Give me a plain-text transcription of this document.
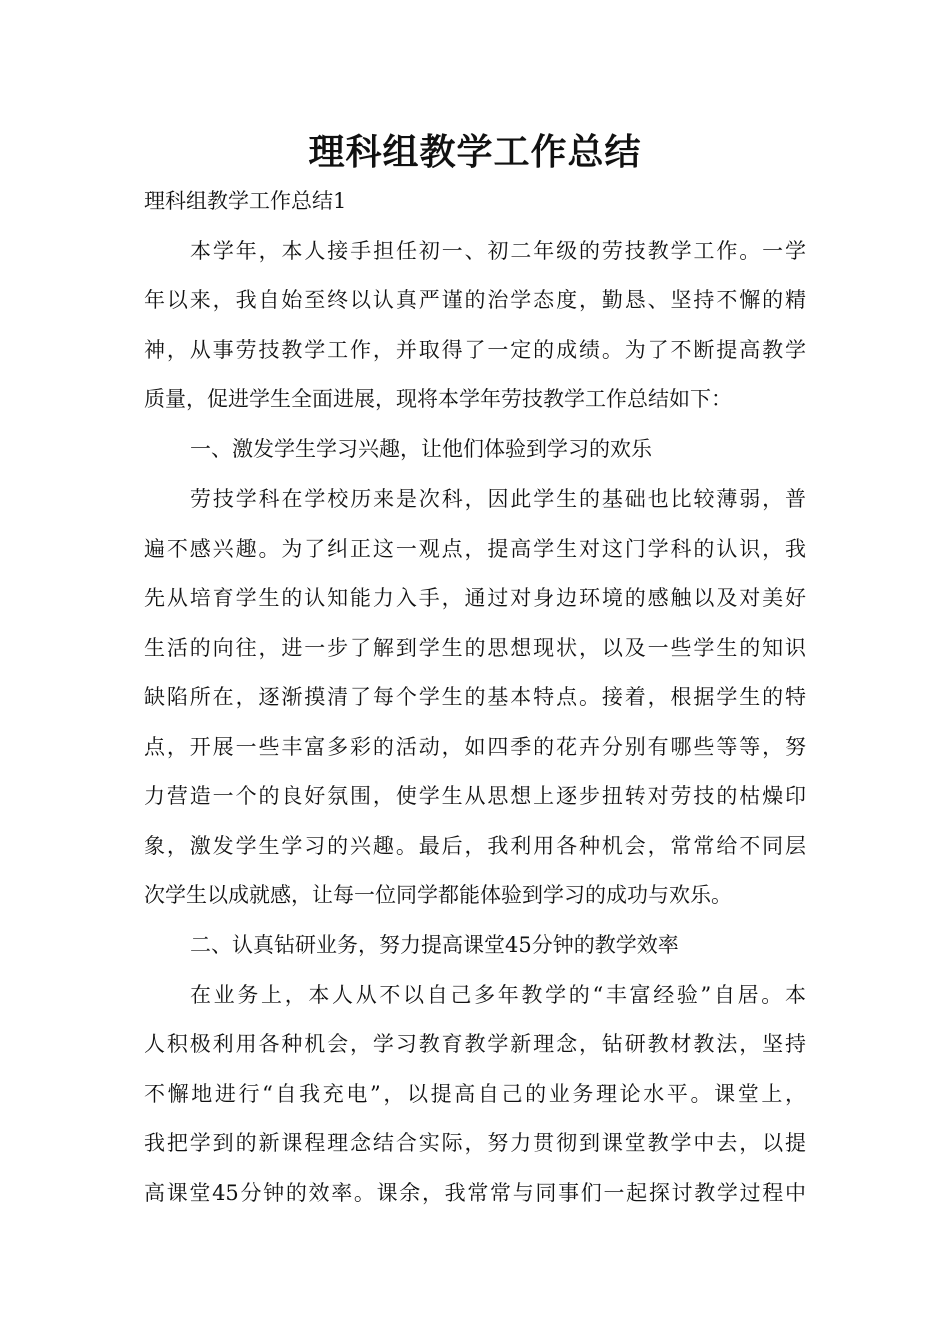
理科组教学工作总结
理科组教学工作总结1
本学年，本人接手担任初一、初二年级的劳技教学工作。一学
年以来，我自始至终以认真严谨的治学态度，勤恳、坚持不懈的精
神，从事劳技教学工作，并取得了一定的成绩。为了不断提高教学
质量，促进学生全面进展，现将本学年劳技教学工作总结如下：
一、激发学生学习兴趣，让他们体验到学习的欢乐
劳技学科在学校历来是次科，因此学生的基础也比较薄弱，普
遍不感兴趣。为了纠正这一观点，提高学生对这门学科的认识，我
先从培育学生的认知能力入手，通过对身边环境的感触以及对美好
生活的向往，进一步了解到学生的思想现状，以及一些学生的知识
缺陷所在，逐渐摸清了每个学生的基本特点。接着，根据学生的特
点，开展一些丰富多彩的活动，如四季的花卉分别有哪些等等，努
力营造一个的良好氛围，使学生从思想上逐步扭转对劳技的枯燥印
象，激发学生学习的兴趣。最后，我利用各种机会，常常给不同层
次学生以成就感，让每一位同学都能体验到学习的成功与欢乐。
二、认真钻研业务，努力提高课堂45分钟的教学效率
在业务上，本人从不以自己多年教学的“丰富经验”自居。本
人积极利用各种机会，学习教育教学新理念，钻研教材教法，坚持
不懈地进行“自我充电”，以提高自己的业务理论水平。课堂上，
我把学到的新课程理念结合实际，努力贯彻到课堂教学中去，以提
高课堂45分钟的效率。课余，我常常与同事们一起探讨教学过程中
